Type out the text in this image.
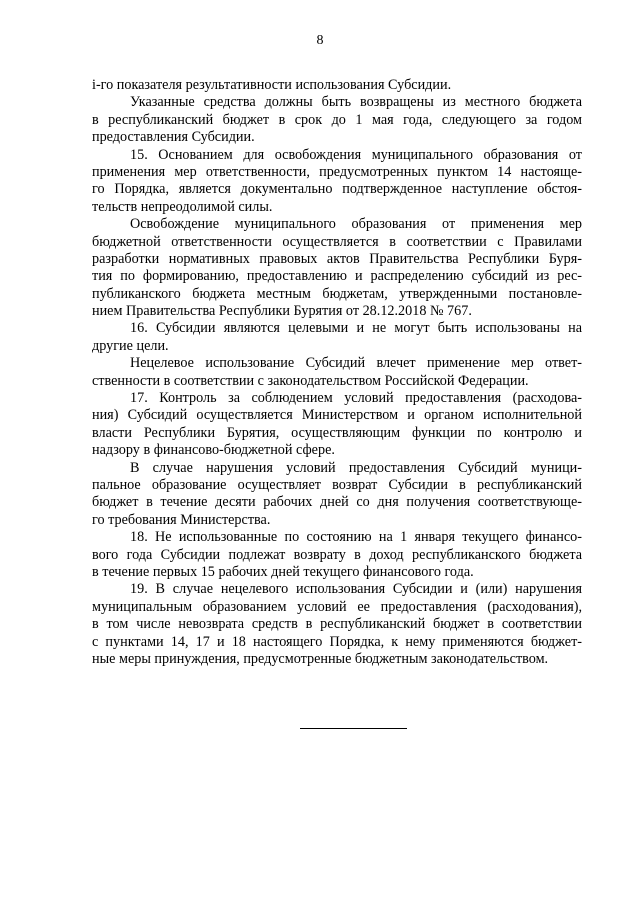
8
i-го показателя результативности использования Субсидии.
Указанные средства должны быть возвращены из местного бюджета
в республиканский бюджет в срок до 1 мая года, следующего за годом
предоставления Субсидии.
15. Основанием для освобождения муниципального образования от
применения мер ответственности, предусмотренных пунктом 14 настояще-
го Порядка, является документально подтвержденное наступление обстоя-
тельств непреодолимой силы.
Освобождение муниципального образования от применения мер
бюджетной ответственности осуществляется в соответствии с Правилами
разработки нормативных правовых актов Правительства Республики Буря-
тия по формированию, предоставлению и распределению субсидий из рес-
публиканского бюджета местным бюджетам, утвержденными постановле-
нием Правительства Республики Бурятия от 28.12.2018 № 767.
16. Субсидии являются целевыми и не могут быть использованы на
другие цели.
Нецелевое использование Субсидий влечет применение мер ответ-
ственности в соответствии с законодательством Российской Федерации.
17. Контроль за соблюдением условий предоставления (расходова-
ния) Субсидий осуществляется Министерством и органом исполнительной
власти Республики Бурятия, осуществляющим функции по контролю и
надзору в финансово-бюджетной сфере.
В случае нарушения условий предоставления Субсидий муници-
пальное образование осуществляет возврат Субсидии в республиканский
бюджет в течение десяти рабочих дней со дня получения соответствующе-
го требования Министерства.
18. Не использованные по состоянию на 1 января текущего финансо-
вого года Субсидии подлежат возврату в доход республиканского бюджета
в течение первых 15 рабочих дней текущего финансового года.
19. В случае нецелевого использования Субсидии и (или) нарушения
муниципальным образованием условий ее предоставления (расходования),
в том числе невозврата средств в республиканский бюджет в соответствии
с пунктами 14, 17 и 18 настоящего Порядка, к нему применяются бюджет-
ные меры принуждения, предусмотренные бюджетным законодательством.
